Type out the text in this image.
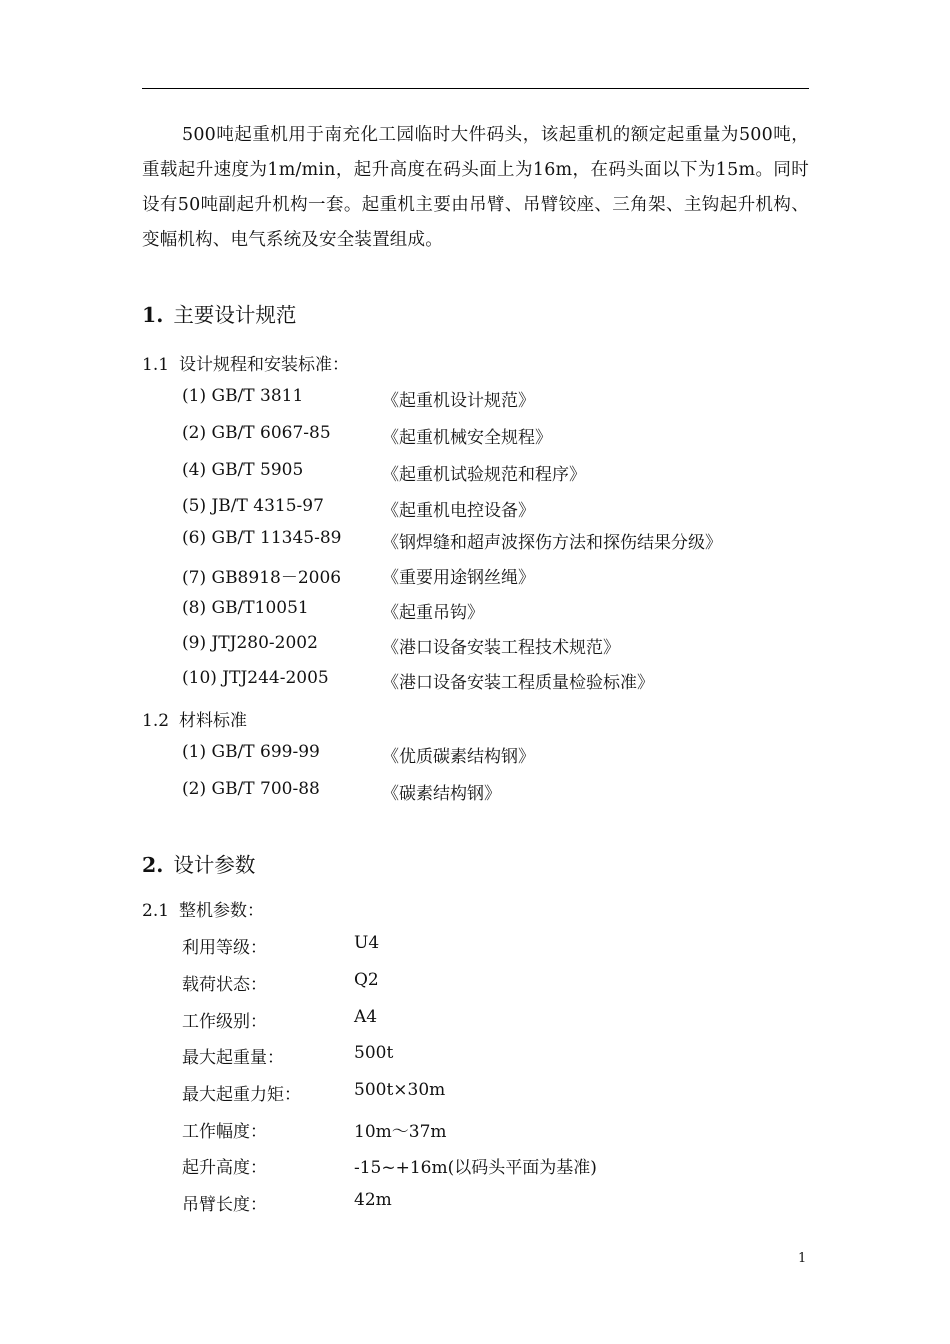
500吨起重机用于南充化工园临时大件码头，该起重机的额定起重量为500吨，重载起升速度为1m/min，起升高度在码头面上为16m，在码头面以下为15m。同时设有50吨副起升机构一套。起重机主要由吊臂、吊臂铰座、三角架、主钩起升机构、变幅机构、电气系统及安全装置组成。

1. 主要设计规范
1.1 设计规程和安装标准：
(1) GB/T 3811	《起重机设计规范》
(2) GB/T 6067-85	《起重机械安全规程》
(4) GB/T 5905	《起重机试验规范和程序》
(5) JB/T 4315-97	《起重机电控设备》
(6) GB/T 11345-89 《钢焊缝和超声波探伤方法和探伤结果分级》
(7) GB8918－2006 《重要用途钢丝绳》
(8) GB/T10051	《起重吊钩》
(9) JTJ280-2002	《港口设备安装工程技术规范》
(10) JTJ244-2005	《港口设备安装工程质量检验标准》
1.2 材料标准
(1) GB/T 699-99	《优质碳素结构钢》
(2) GB/T 700-88	《碳素结构钢》
2. 设计参数
2.1 整机参数：
利用等级：	U4
载荷状态：	Q2
工作级别：	A4
最大起重量：	500t
最大起重力矩：	500t×30m
工作幅度：	10m～37m
起升高度：	-15~+16m(以码头平面为基准)
吊臂长度：	42m
1
